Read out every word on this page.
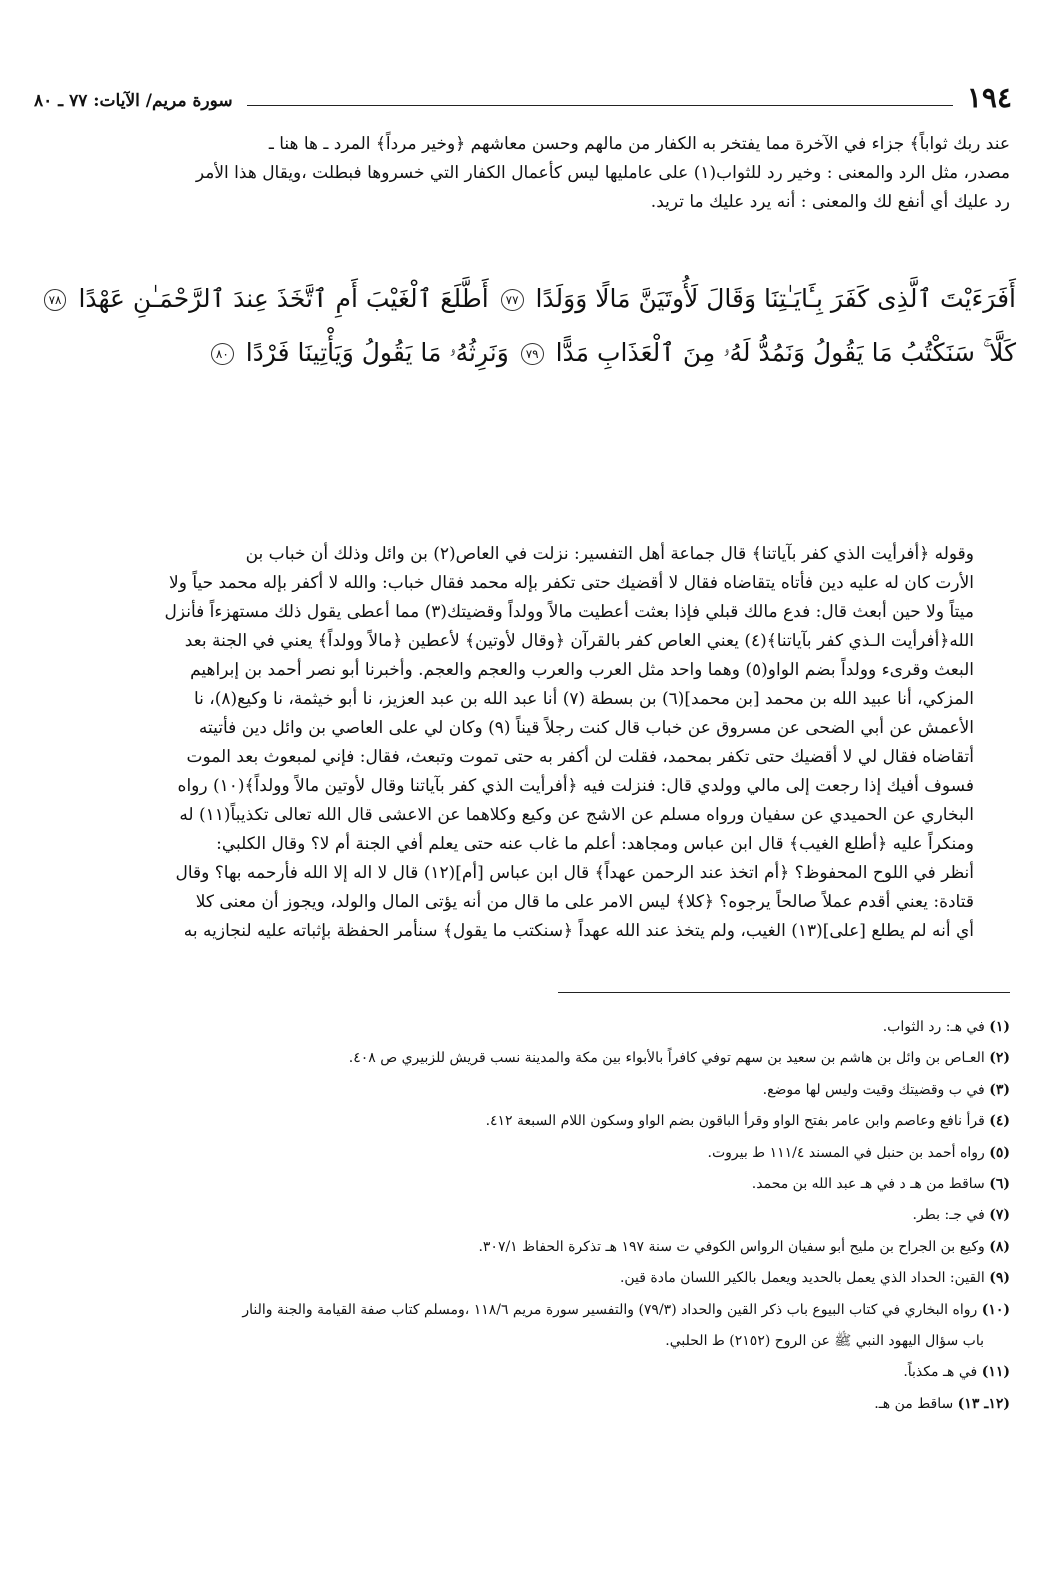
١٩٤
سورة مريم/ الآيات: ٧٧ ـ ٨٠

عند ربك ثواباً﴾ جزاء في الآخرة مما يفتخر به الكفار من مالهم وحسن معاشهم ﴿وخير مرداً﴾ المرد ـ ها هنا ـ

مصدر، مثل الرد والمعنى : وخير رد للثواب(١) على عامليها ليس كأعمال الكفار التي خسروها فبطلت ،ويقال هذا الأمر

رد عليك أي أنفع لك والمعنى : أنه يرد عليك ما تريد.

أَفَرَءَيْتَ ٱلَّذِى كَفَرَ بِـَٔايَـٰتِنَا وَقَالَ لَأُوتَيَنَّ مَالًا وَوَلَدًا ٧٧ أَطَّلَعَ ٱلْغَيْبَ أَمِ ٱتَّخَذَ عِندَ ٱلرَّحْمَـٰنِ عَهْدًا ٧٨
كَلَّا ۚ سَنَكْتُبُ مَا يَقُولُ وَنَمُدُّ لَهُۥ مِنَ ٱلْعَذَابِ مَدًّا ٧٩ وَنَرِثُهُۥ مَا يَقُولُ وَيَأْتِينَا فَرْدًا ٨٠

وقوله ﴿أفرأيت الذي كفر بآياتنا﴾ قال جماعة أهل التفسير: نزلت في العاص(٢) بن وائل وذلك أن خباب بن

الأرت كان له عليه دين فأتاه يتقاضاه فقال لا أقضيك حتى تكفر بإله محمد فقال خباب: والله لا أكفر بإله محمد حياً ولا

ميتاً ولا حين أبعث قال: فدع مالك قبلي فإذا بعثت أعطيت مالاً وولداً وقضيتك(٣) مما أعطى يقول ذلك مستهزءاً فأنزل

الله﴿أفرأيت الـذي كفر بآياتنا﴾(٤) يعني العاص كفر بالقرآن ﴿وقال لأوتين﴾ لأعطين ﴿مالاً وولداً﴾ يعني في الجنة بعد

البعث وقرىء وولداً بضم الواو(٥) وهما واحد مثل العرب والعرب والعجم والعجم. وأخبرنا أبو نصر أحمد بن إبراهيم

المزكي، أنا عبيد الله بن محمد [بن محمد](٦) بن بسطة (٧) أنا عبد الله بن عبد العزيز، نا أبو خيثمة، نا وكيع(٨)، نا

الأعمش عن أبي الضحى عن مسروق عن خباب قال كنت رجلاً قيناً (٩) وكان لي على العاصي بن وائل دين فأتيته

أتقاضاه فقال لي لا أقضيك حتى تكفر بمحمد، فقلت لن أكفر به حتى تموت وتبعث، فقال: فإني لمبعوث بعد الموت

فسوف أفيك إذا رجعت إلى مالي وولدي قال: فنزلت فيه ﴿أفرأيت الذي كفر بآياتنا وقال لأوتين مالاً وولداً﴾(١٠) رواه

البخاري عن الحميدي عن سفيان ورواه مسلم عن الاشج عن وكيع وكلاهما عن الاعشى قال الله تعالى تكذيباً(١١) له

ومنكراً عليه ﴿أطلع الغيب﴾ قال ابن عباس ومجاهد: أعلم ما غاب عنه حتى يعلم أفي الجنة أم لا؟ وقال الكلبي:

أنظر في اللوح المحفوظ؟ ﴿أم اتخذ عند الرحمن عهداً﴾ قال ابن عباس [أم](١٢) قال لا اله إلا الله فأرحمه بها؟ وقال

قتادة: يعني أقدم عملاً صالحاً يرجوه؟ ﴿كلا﴾ ليس الامر على ما قال من أنه يؤتى المال والولد، ويجوز أن معنى كلا

أي أنه لم يطلع [على](١٣) الغيب، ولم يتخذ عند الله عهداً ﴿سنكتب ما يقول﴾ سنأمر الحفظة بإثباته عليه لنجازيه به

(١) في هـ: رد الثواب.
(٢) العـاص بن وائل بن هاشم بن سعيد بن سهم توفي كافراً بالأبواء بين مكة والمدينة نسب قريش للزبيري ص ٤٠٨.
(٣) في ب وقضيتك وقيت وليس لها موضع.
(٤) قرأ نافع وعاصم وابن عامر بفتح الواو وقرأ الباقون بضم الواو وسكون اللام السبعة ٤١٢.
(٥) رواه أحمد بن حنبل في المسند ١١١/٤ ط بيروت.
(٦) ساقط من هـ د في هـ عبد الله بن محمد.
(٧) في جـ: بطر.
(٨) وكيع بن الجراح بن مليح أبو سفيان الرواس الكوفي ت سنة ١٩٧ هـ تذكرة الحفاظ ٣٠٧/١.
(٩) القين: الحداد الذي يعمل بالحديد ويعمل بالكير اللسان مادة قين.
(١٠) رواه البخاري في كتاب البيوع باب ذكر القين والحداد (٧٩/٣) والتفسير سورة مريم ١١٨/٦ ،ومسلم كتاب صفة القيامة والجنة والنار
باب سؤال اليهود النبي ﷺ عن الروح (٢١٥٢) ط الحلبي.
(١١) في هـ مكذباً.
(١٢ـ ١٣) ساقط من هـ.
